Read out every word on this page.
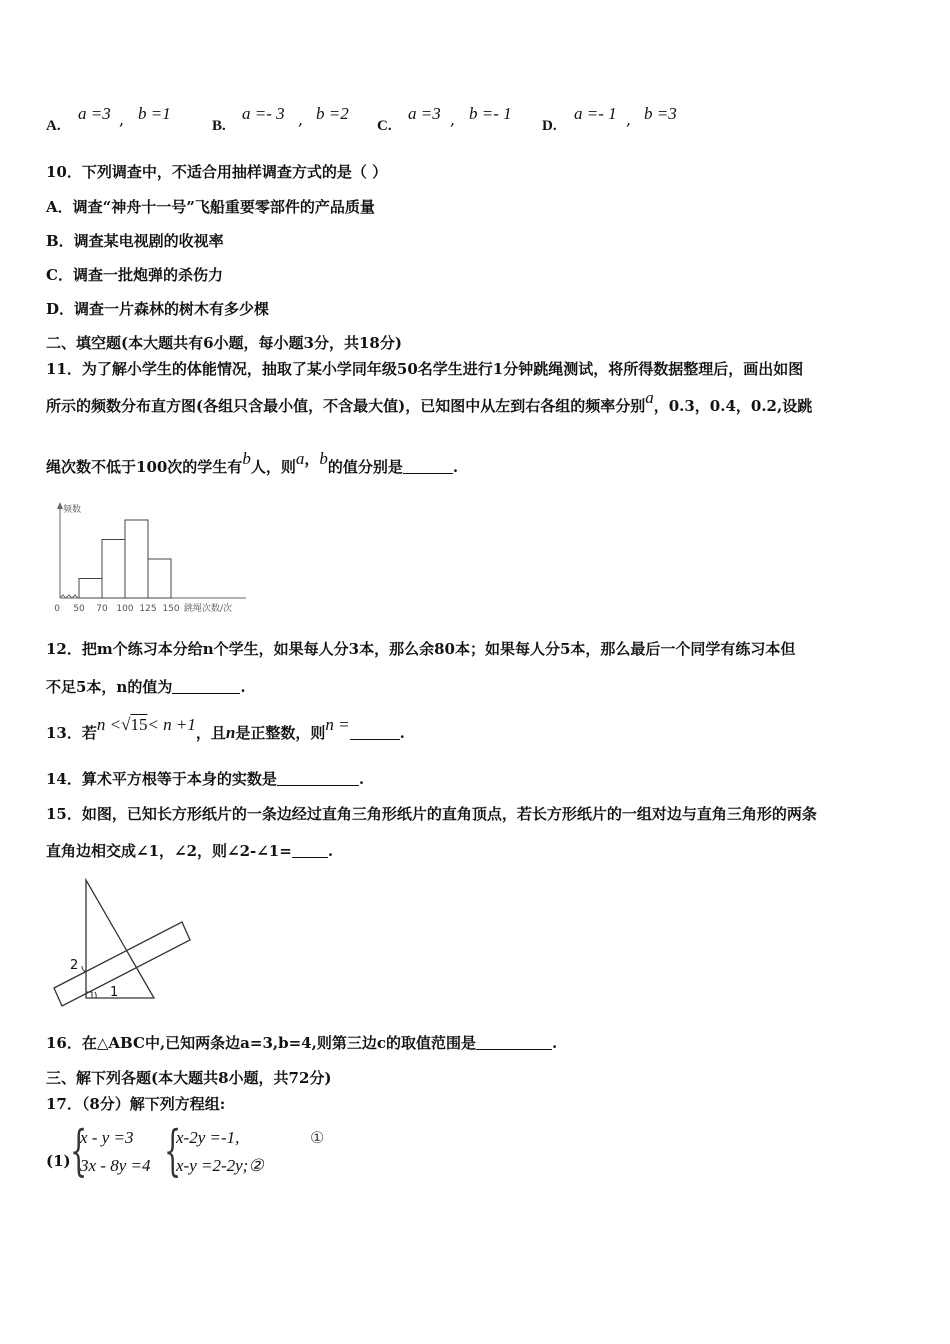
A.
a =3 , b =1
B.
a =- 3 , b =2
C.
a =3 , b =- 1
D.
a =- 1 , b =3
10．下列调查中，不适合用抽样调查方式的是（ ）
A．调查“神舟十一号”飞船重要零部件的产品质量
B．调查某电视剧的收视率
C．调查一批炮弹的杀伤力
D．调查一片森林的树木有多少棵
二、填空题(本大题共有6小题，每小题3分，共18分)
11．为了解小学生的体能情况，抽取了某小学同年级50名学生进行1分钟跳绳测试，将所得数据整理后，画出如图
所示的频数分布直方图(各组只含最小值，不含最大值)，已知图中从左到右各组的频率分别a，0.3，0.4，0.2,设跳
绳次数不低于100次的学生有b人，则a，b的值分别是	.
频数
0 50 70 100 125 150 跳绳次数/次
12．把m个练习本分给n个学生，如果每人分3本，那么余80本；如果每人分5本，那么最后一个同学有练习本但
不足5本，n的值为	.
13．若n <√15< n +1，且n是正整数，则n =	.
14．算术平方根等于本身的实数是	.
15．如图，已知长方形纸片的一条边经过直角三角形纸片的直角顶点，若长方形纸片的一组对边与直角三角形的两条
直角边相交成∠1，∠2，则∠2-∠1= .
1
2
16．在△ABC中,已知两条边a=3,b=4,则第三边c的取值范围是	.
三、解下列各题(本大题共8小题，共72分)
17．（8分）解下列方程组:
(1) {
x - y =3
3x - 8y =4 {
x-2y =-1,
x-y =2-2y;②
①
